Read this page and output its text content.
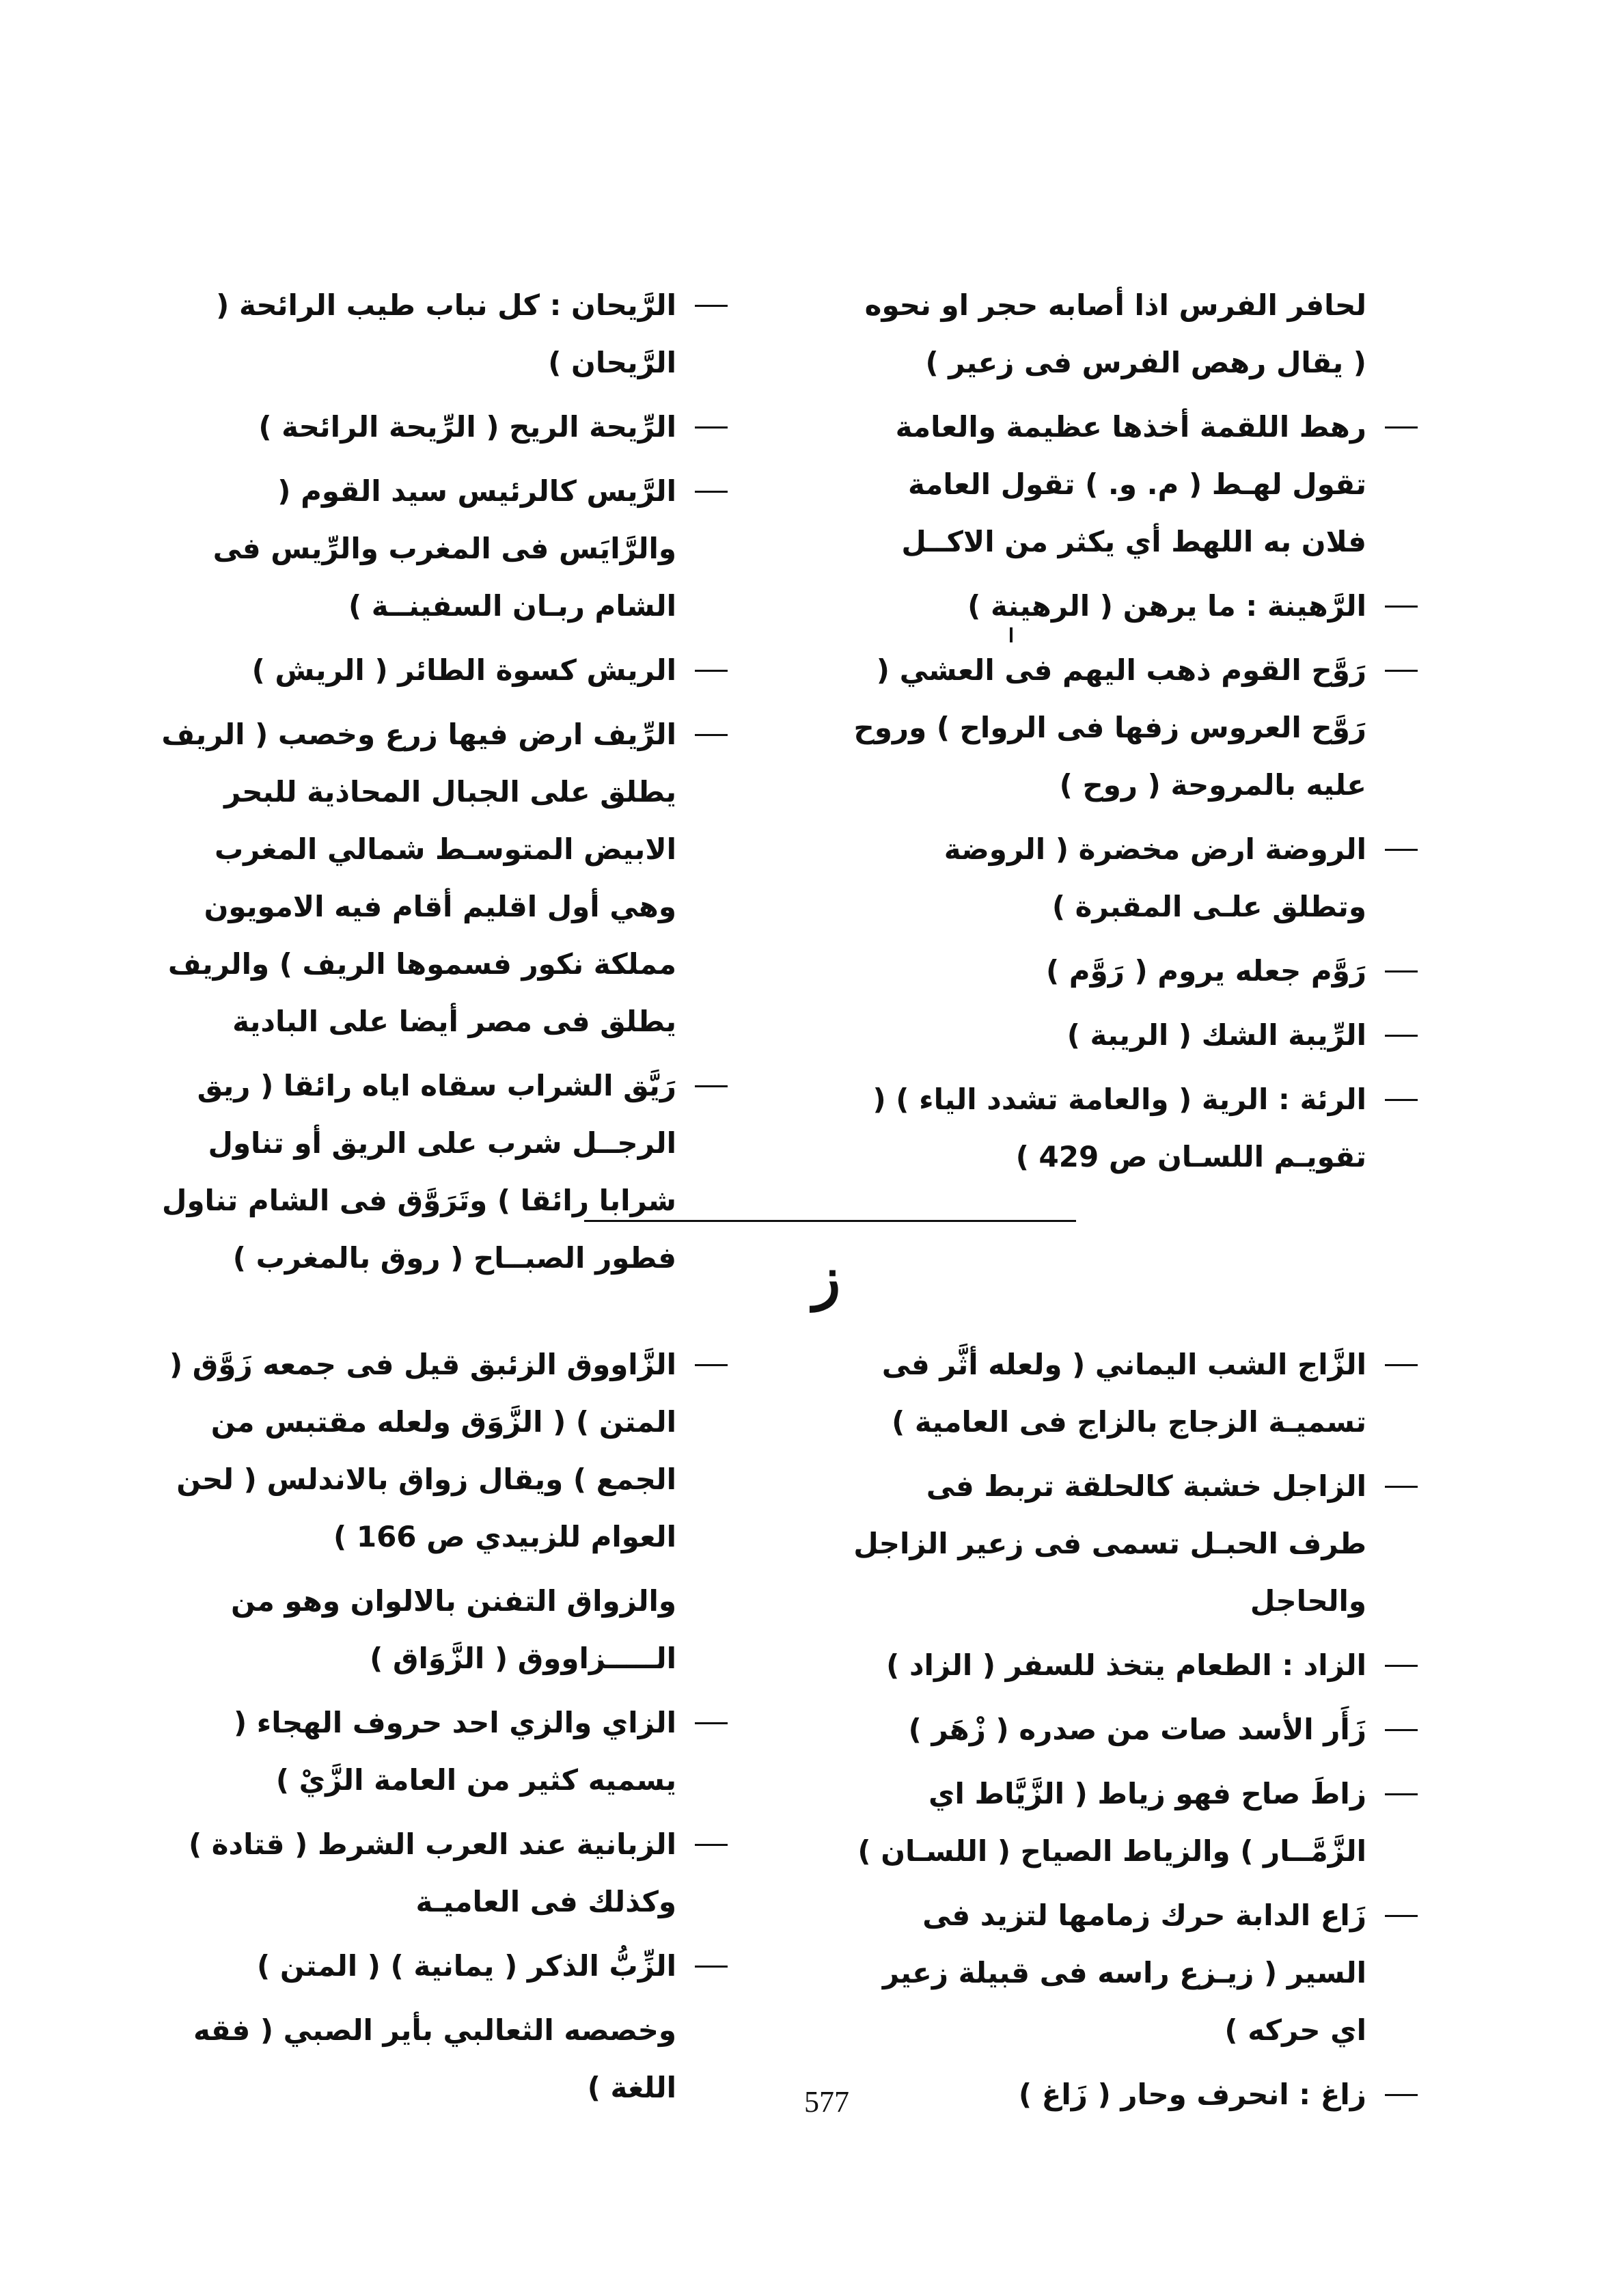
لحافر الفرس اذا أصابه حجر او نحوه ( يقال رهص الفرس فى زعير )
رهط اللقمة أخذها عظيمة والعامة تقول لهـط ( م. و. ) تقول العامة فلان به اللهط أي يكثر من الاكــل
الرَّهينة : ما يرهن ( الرهينة )
رَوَّح القوم ذهب اليهم فى العشي ( رَوَّح العروس زفها فى الرواح ) وروح عليه بالمروحة ( روح )
الروضة ارض مخضرة ( الروضة وتطلق علـى المقبرة )
رَوَّم جعله يروم ( رَوَّم )
الرِّيبة الشك ( الريبة )
الرئة : الرية ( والعامة تشدد الياء ) ( تقويـم اللسـان ص 429 )
الرَّيحان : كل نباب طيب الرائحة ( الرَّيحان )
الرِّيحة الريح ( الرِّيحة الرائحة )
الرَّيس كالرئيس سيد القوم ( والرَّايَس فى المغرب والرِّيس فى الشام ربـان السفينــة )
الريش كسوة الطائر ( الريش )
الرِّيف ارض فيها زرع وخصب ( الريف يطلق على الجبال المحاذية للبحر الابيض المتوسـط شمالي المغرب وهي أول اقليم أقام فيه الامويون مملكة نكور فسموها الريف ) والريف يطلق فى مصر أيضا على البادية
رَيَّق الشراب سقاه اياه رائقا ( ريق الرجــل شرب على الريق أو تناول شرابا رائقا ) وتَرَوَّق فى الشام تناول فطور الصبــاح ( روق بالمغرب )	ز
الزَّاج الشب اليماني ( ولعله أثَّر فى تسميـة الزجاج بالزاج فى العامية )
الزاجل خشبة كالحلقة تربط فى طرف الحبـل تسمى فى زعير الزاجل والحاجل
الزاد : الطعام يتخذ للسفر ( الزاد )
زَأَر الأسد صات من صدره ( زْهَر )
زاطَ صاح فهو زياط ( الزَّيَّاط اي الزَّمَّــار ) والزياط الصياح ( اللسـان )
زَاع الدابة حرك زمامها لتزيد فى السير ( زيـزع راسه فى قبيلة زعير اي حركه )
زاغ : انحرف وحار ( زَاغ )
الزَّاووق الزئبق قيل فى جمعه زَوَّق ( المتن ) ( الزَّوَق ولعله مقتبس من الجمع ) ويقال زواق بالاندلس ( لحن العوام للزبيدي ص 166 )
والزواق التفنن بالالوان وهو من الـــــزاووق ( الزَّوَاق )
الزاي والزي احد حروف الهجاء ( يسميه كثير من العامة الزَّيْ )
الزبانية عند العرب الشرط ( قتادة ) وكذلك فى العاميـة
الزِّبُّ الذكر ( يمانية ) ( المتن )
وخصصه الثعالبي بأير الصبي ( فقه اللغة )	577
